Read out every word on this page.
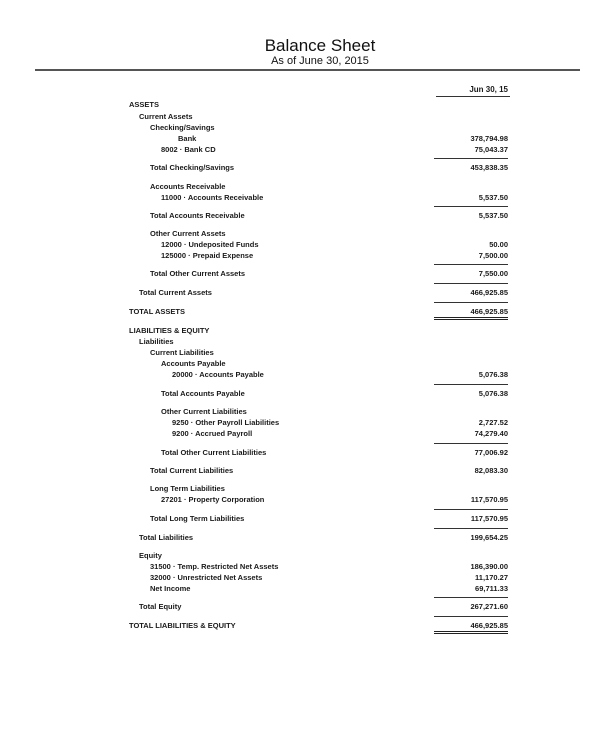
Balance Sheet
As of June 30, 2015
Jun 30, 15
ASSETS
Current Assets
Checking/Savings
Bank	378,794.98
8002 · Bank CD	75,043.37
Total Checking/Savings	453,838.35
Accounts Receivable
11000 · Accounts Receivable	5,537.50
Total Accounts Receivable	5,537.50
Other Current Assets
12000 · Undeposited Funds	50.00
125000 · Prepaid Expense	7,500.00
Total Other Current Assets	7,550.00
Total Current Assets	466,925.85
TOTAL ASSETS	466,925.85
LIABILITIES & EQUITY
Liabilities
Current Liabilities
Accounts Payable
20000 · Accounts Payable	5,076.38
Total Accounts Payable	5,076.38
Other Current Liabilities
9250 · Other Payroll Liabilities	2,727.52
9200 · Accrued Payroll	74,279.40
Total Other Current Liabilities	77,006.92
Total Current Liabilities	82,083.30
Long Term Liabilities
27201 · Property Corporation	117,570.95
Total Long Term Liabilities	117,570.95
Total Liabilities	199,654.25
Equity
31500 · Temp. Restricted Net Assets	186,390.00
32000 · Unrestricted Net Assets	11,170.27
Net Income	69,711.33
Total Equity	267,271.60
TOTAL LIABILITIES & EQUITY	466,925.85
